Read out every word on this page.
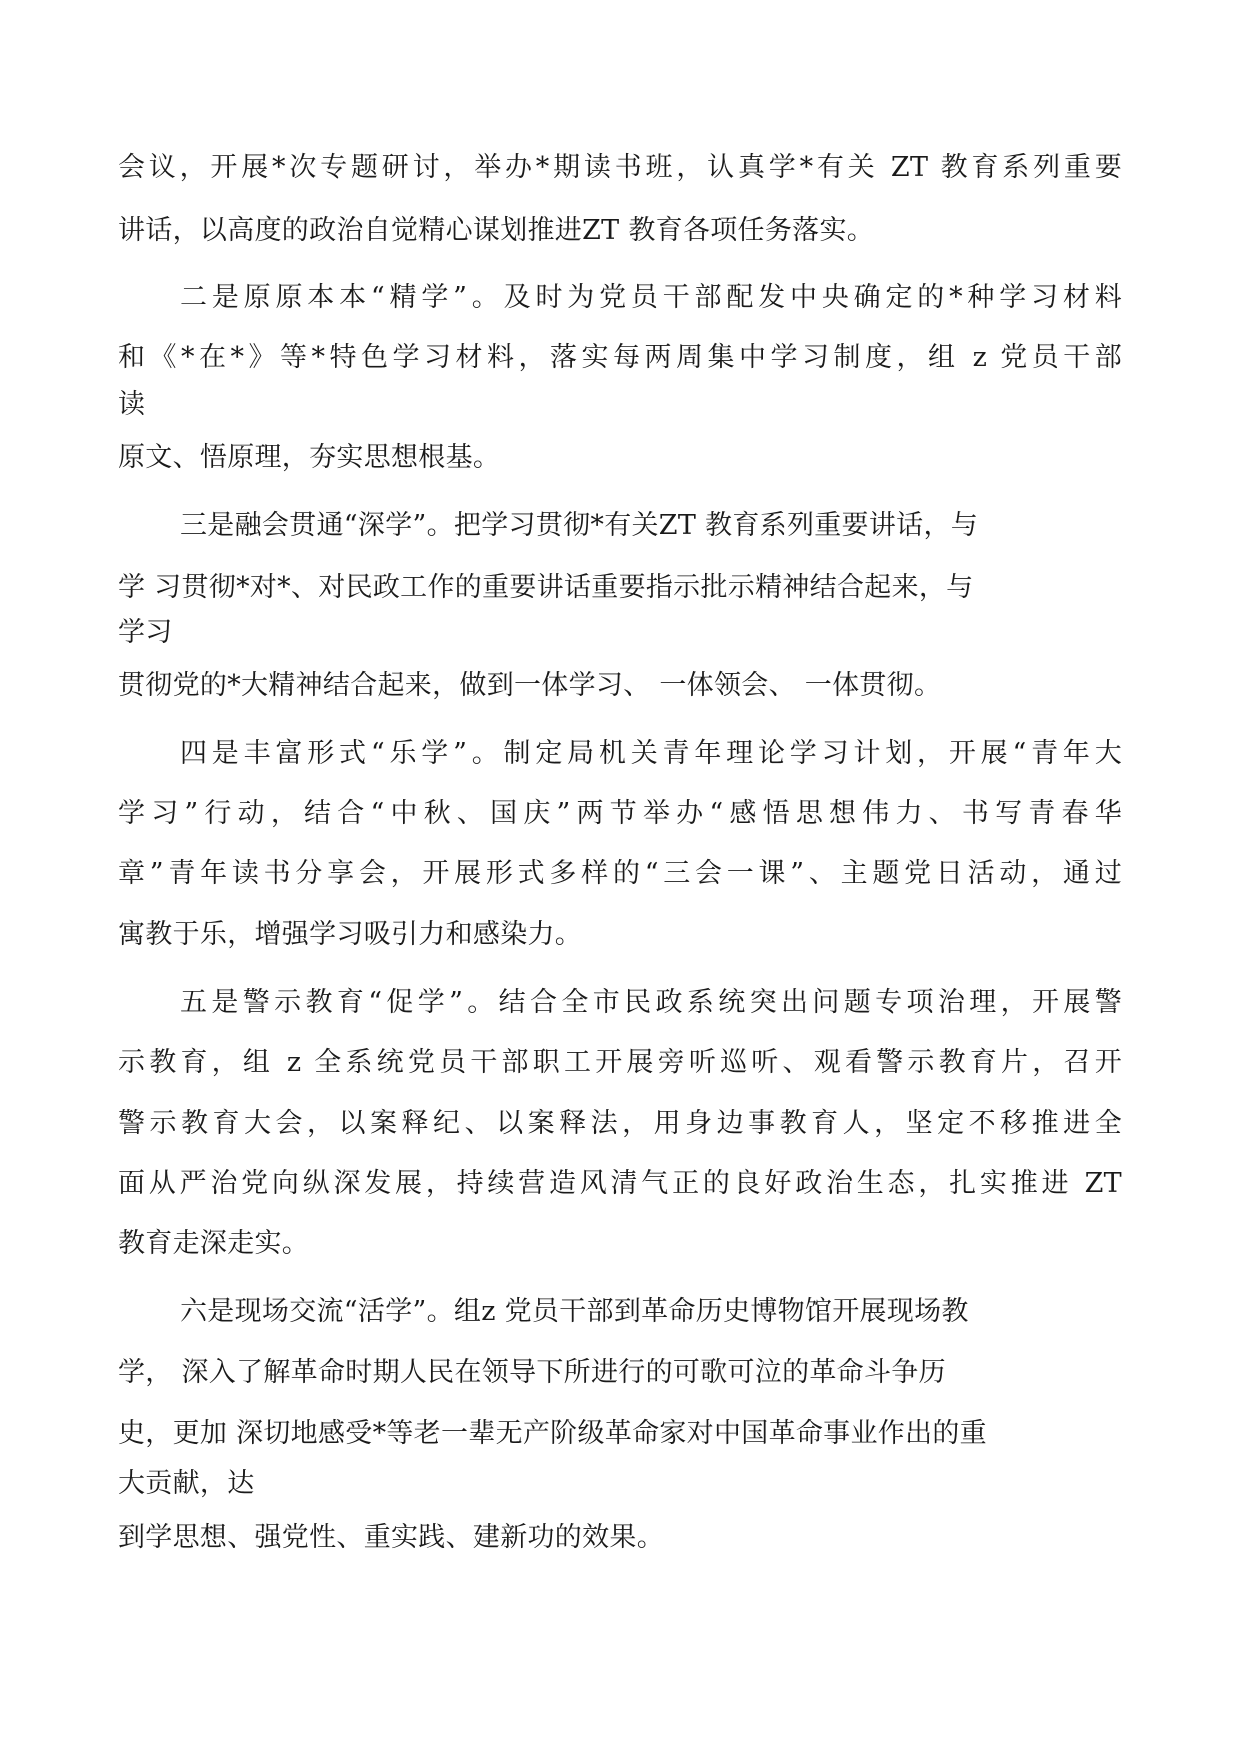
会议，开展*次专题研讨，举办*期读书班，认真学*有关 ZT 教育系列重要

讲话，以高度的政治自觉精心谋划推进ZT 教育各项任务落实。

二是原原本本“精学”。及时为党员干部配发中央确定的*种学习材料

和《*在*》等*特色学习材料，落实每两周集中学习制度，组 z 党员干部

读

原文、悟原理，夯实思想根基。

三是融会贯通“深学”。把学习贯彻*有关ZT 教育系列重要讲话，与

学 习贯彻*对*、对民政工作的重要讲话重要指示批示精神结合起来，与

学习

贯彻党的*大精神结合起来，做到一体学习、 一体领会、 一体贯彻。

四是丰富形式“乐学”。制定局机关青年理论学习计划，开展“青年大

学习”行动，结合“中秋、国庆”两节举办“感悟思想伟力、书写青春华

章”青年读书分享会，开展形式多样的“三会一课”、主题党日活动，通过

寓教于乐，增强学习吸引力和感染力。

五是警示教育“促学”。结合全市民政系统突出问题专项治理，开展警

示教育，组 z 全系统党员干部职工开展旁听巡听、观看警示教育片，召开

警示教育大会，以案释纪、以案释法，用身边事教育人，坚定不移推进全

面从严治党向纵深发展，持续营造风清气正的良好政治生态，扎实推进 ZT

教育走深走实。

六是现场交流“活学”。组z 党员干部到革命历史博物馆开展现场教

学， 深入了解革命时期人民在领导下所进行的可歌可泣的革命斗争历

史，更加 深切地感受*等老一辈无产阶级革命家对中国革命事业作出的重

大贡献，达

到学思想、强党性、重实践、建新功的效果。
